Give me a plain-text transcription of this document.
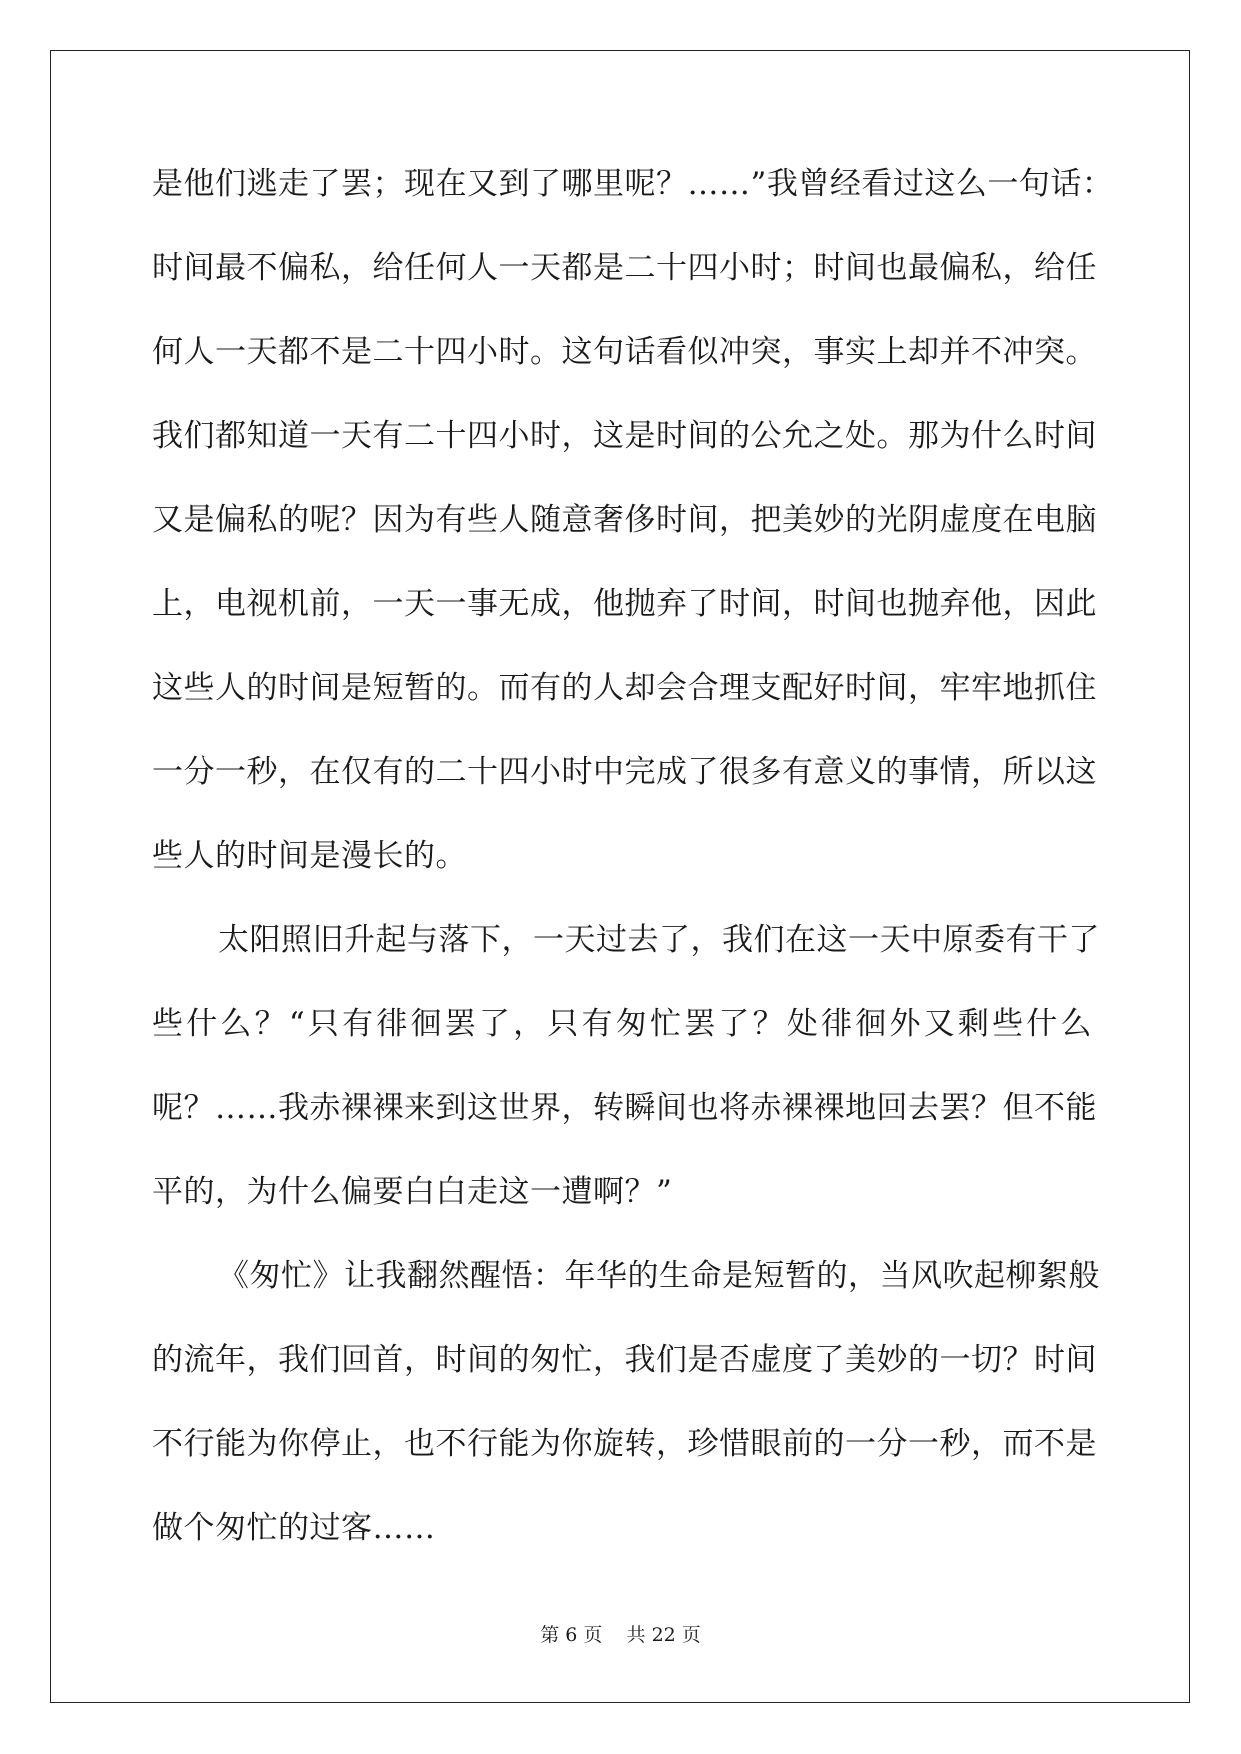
是他们逃走了罢；现在又到了哪里呢？……”我曾经看过这么一句话：
时间最不偏私，给任何人一天都是二十四小时；时间也最偏私，给任
何人一天都不是二十四小时。这句话看似冲突，事实上却并不冲突。
我们都知道一天有二十四小时，这是时间的公允之处。那为什么时间
又是偏私的呢？因为有些人随意奢侈时间，把美妙的光阴虚度在电脑
上，电视机前，一天一事无成，他抛弃了时间，时间也抛弃他，因此
这些人的时间是短暂的。而有的人却会合理支配好时间，牢牢地抓住
一分一秒，在仅有的二十四小时中完成了很多有意义的事情，所以这
些人的时间是漫长的。
太阳照旧升起与落下，一天过去了，我们在这一天中原委有干了
些什么？“只有徘徊罢了，只有匆忙罢了？处徘徊外又剩些什么
呢？……我赤裸裸来到这世界，转瞬间也将赤裸裸地回去罢？但不能
平的，为什么偏要白白走这一遭啊？”
《匆忙》让我翻然醒悟：年华的生命是短暂的，当风吹起柳絮般
的流年，我们回首，时间的匆忙，我们是否虚度了美妙的一切？时间
不行能为你停止，也不行能为你旋转，珍惜眼前的一分一秒，而不是
做个匆忙的过客……
第 6 页    共 22 页
